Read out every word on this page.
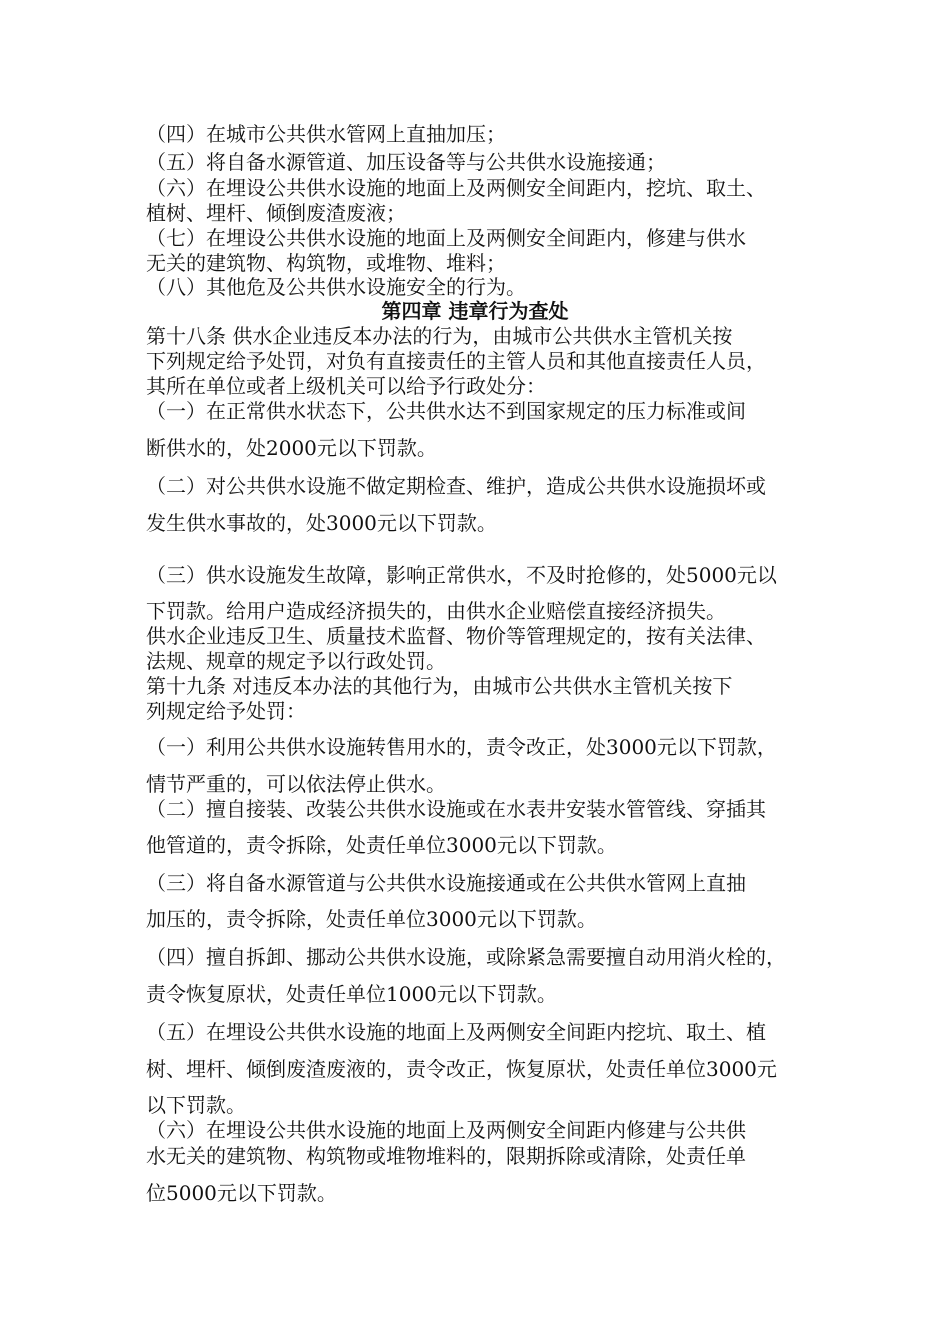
（四）在城市公共供水管网上直抽加压；
（五）将自备水源管道、加压设备等与公共供水设施接通；
（六）在埋设公共供水设施的地面上及两侧安全间距内，挖坑、取土、
植树、埋杆、倾倒废渣废液；
（七）在埋设公共供水设施的地面上及两侧安全间距内，修建与供水
无关的建筑物、构筑物，或堆物、堆料；
（八）其他危及公共供水设施安全的行为。
第四章 违章行为查处
第十八条 供水企业违反本办法的行为，由城市公共供水主管机关按
下列规定给予处罚，对负有直接责任的主管人员和其他直接责任人员，
其所在单位或者上级机关可以给予行政处分：
（一）在正常供水状态下，公共供水达不到国家规定的压力标准或间
断供水的，处2000元以下罚款。
（二）对公共供水设施不做定期检查、维护，造成公共供水设施损坏或
发生供水事故的，处3000元以下罚款。
（三）供水设施发生故障，影响正常供水，不及时抢修的，处5000元以
下罚款。给用户造成经济损失的，由供水企业赔偿直接经济损失。
供水企业违反卫生、质量技术监督、物价等管理规定的，按有关法律、
法规、规章的规定予以行政处罚。
第十九条 对违反本办法的其他行为，由城市公共供水主管机关按下
列规定给予处罚：
（一）利用公共供水设施转售用水的，责令改正，处3000元以下罚款，
情节严重的，可以依法停止供水。
（二）擅自接装、改装公共供水设施或在水表井安装水管管线、穿插其
他管道的，责令拆除，处责任单位3000元以下罚款。
（三）将自备水源管道与公共供水设施接通或在公共供水管网上直抽
加压的，责令拆除，处责任单位3000元以下罚款。
（四）擅自拆卸、挪动公共供水设施，或除紧急需要擅自动用消火栓的，
责令恢复原状，处责任单位1000元以下罚款。
（五）在埋设公共供水设施的地面上及两侧安全间距内挖坑、取土、植
树、埋杆、倾倒废渣废液的，责令改正，恢复原状，处责任单位3000元
以下罚款。
（六）在埋设公共供水设施的地面上及两侧安全间距内修建与公共供
水无关的建筑物、构筑物或堆物堆料的，限期拆除或清除，处责任单
位5000元以下罚款。
